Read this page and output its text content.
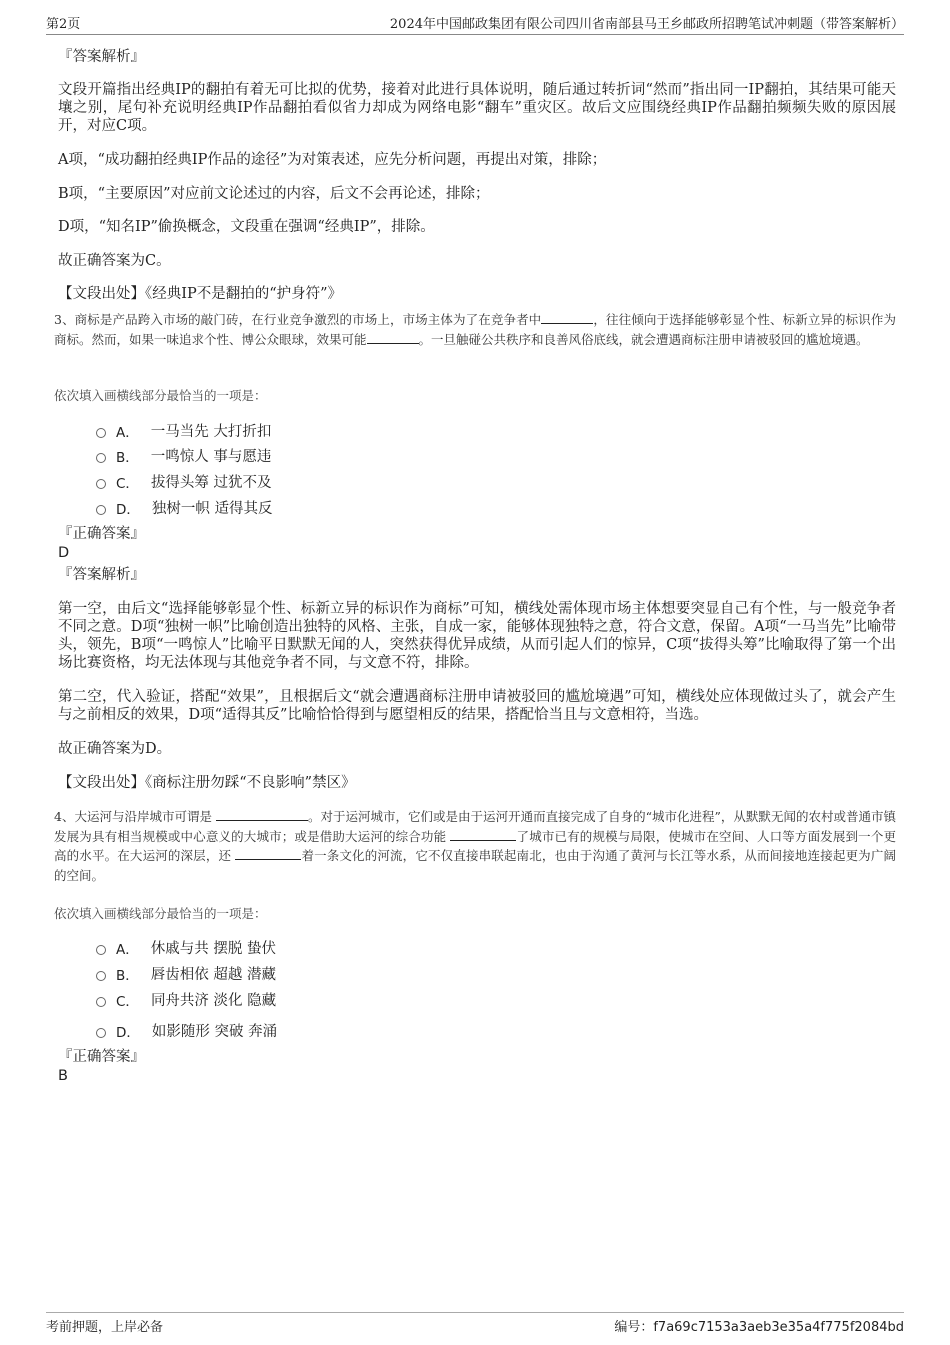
第2页	2024年中国邮政集团有限公司四川省南部县马王乡邮政所招聘笔试冲刺题（带答案解析）
『答案解析』
文段开篇指出经典IP的翻拍有着无可比拟的优势，接着对此进行具体说明，随后通过转折词“然而”指出同一IP翻拍，其结果可能天壤之别，尾句补充说明经典IP作品翻拍看似省力却成为网络电影“翻车”重灾区。故后文应围绕经典IP作品翻拍频频失败的原因展开，对应C项。
A项，“成功翻拍经典IP作品的途径”为对策表述，应先分析问题，再提出对策，排除；
B项，“主要原因”对应前文论述过的内容，后文不会再论述，排除；
D项，“知名IP”偷换概念，文段重在强调“经典IP”，排除。
故正确答案为C。
【文段出处】《经典IP不是翻拍的“护身符”》
3、商标是产品跨入市场的敲门砖，在行业竞争激烈的市场上，市场主体为了在竞争者中	，往往倾向于选择能够彰显个性、标新立异的标识作为商标。然而，如果一味追求个性、博公众眼球，效果可能	。一旦触碰公共秩序和良善风俗底线，就会遭遇商标注册申请被驳回的尴尬境遇。
依次填入画横线部分最恰当的一项是：
A． 一马当先 大打折扣
B． 一鸣惊人 事与愿违
C． 拔得头筹 过犹不及
D． 独树一帜 适得其反
『正确答案』
D
『答案解析』
第一空，由后文“选择能够彰显个性、标新立异的标识作为商标”可知，横线处需体现市场主体想要突显自己有个性，与一般竞争者不同之意。D项“独树一帜”比喻创造出独特的风格、主张，自成一家，能够体现独特之意，符合文意，保留。A项“一马当先”比喻带头，领先，B项“一鸣惊人”比喻平日默默无闻的人，突然获得优异成绩，从而引起人们的惊异，C项“拔得头筹”比喻取得了第一个出场比赛资格，均无法体现与其他竞争者不同，与文意不符，排除。
第二空，代入验证，搭配“效果”，且根据后文“就会遭遇商标注册申请被驳回的尴尬境遇”可知，横线处应体现做过头了，就会产生与之前相反的效果，D项“适得其反”比喻恰恰得到与愿望相反的结果，搭配恰当且与文意相符，当选。
故正确答案为D。
【文段出处】《商标注册勿踩“不良影响”禁区》
4、大运河与沿岸城市可谓是	。对于运河城市，它们或是由于运河开通而直接完成了自身的“城市化进程”，从默默无闻的农村或普通市镇发展为具有相当规模或中心意义的大城市；或是借助大运河的综合功能	了城市已有的规模与局限，使城市在空间、人口等方面发展到一个更高的水平。在大运河的深层，还	着一条文化的河流，它不仅直接串联起南北，也由于沟通了黄河与长江等水系，从而间接地连接起更为广阔的空间。
依次填入画横线部分最恰当的一项是：
A． 休戚与共 摆脱 蛰伏
B． 唇齿相依 超越 潜藏
C． 同舟共济 淡化 隐藏
D． 如影随形 突破 奔涌
『正确答案』
B
考前押题，上岸必备	编号：f7a69c7153a3aeb3e35a4f775f2084bd
